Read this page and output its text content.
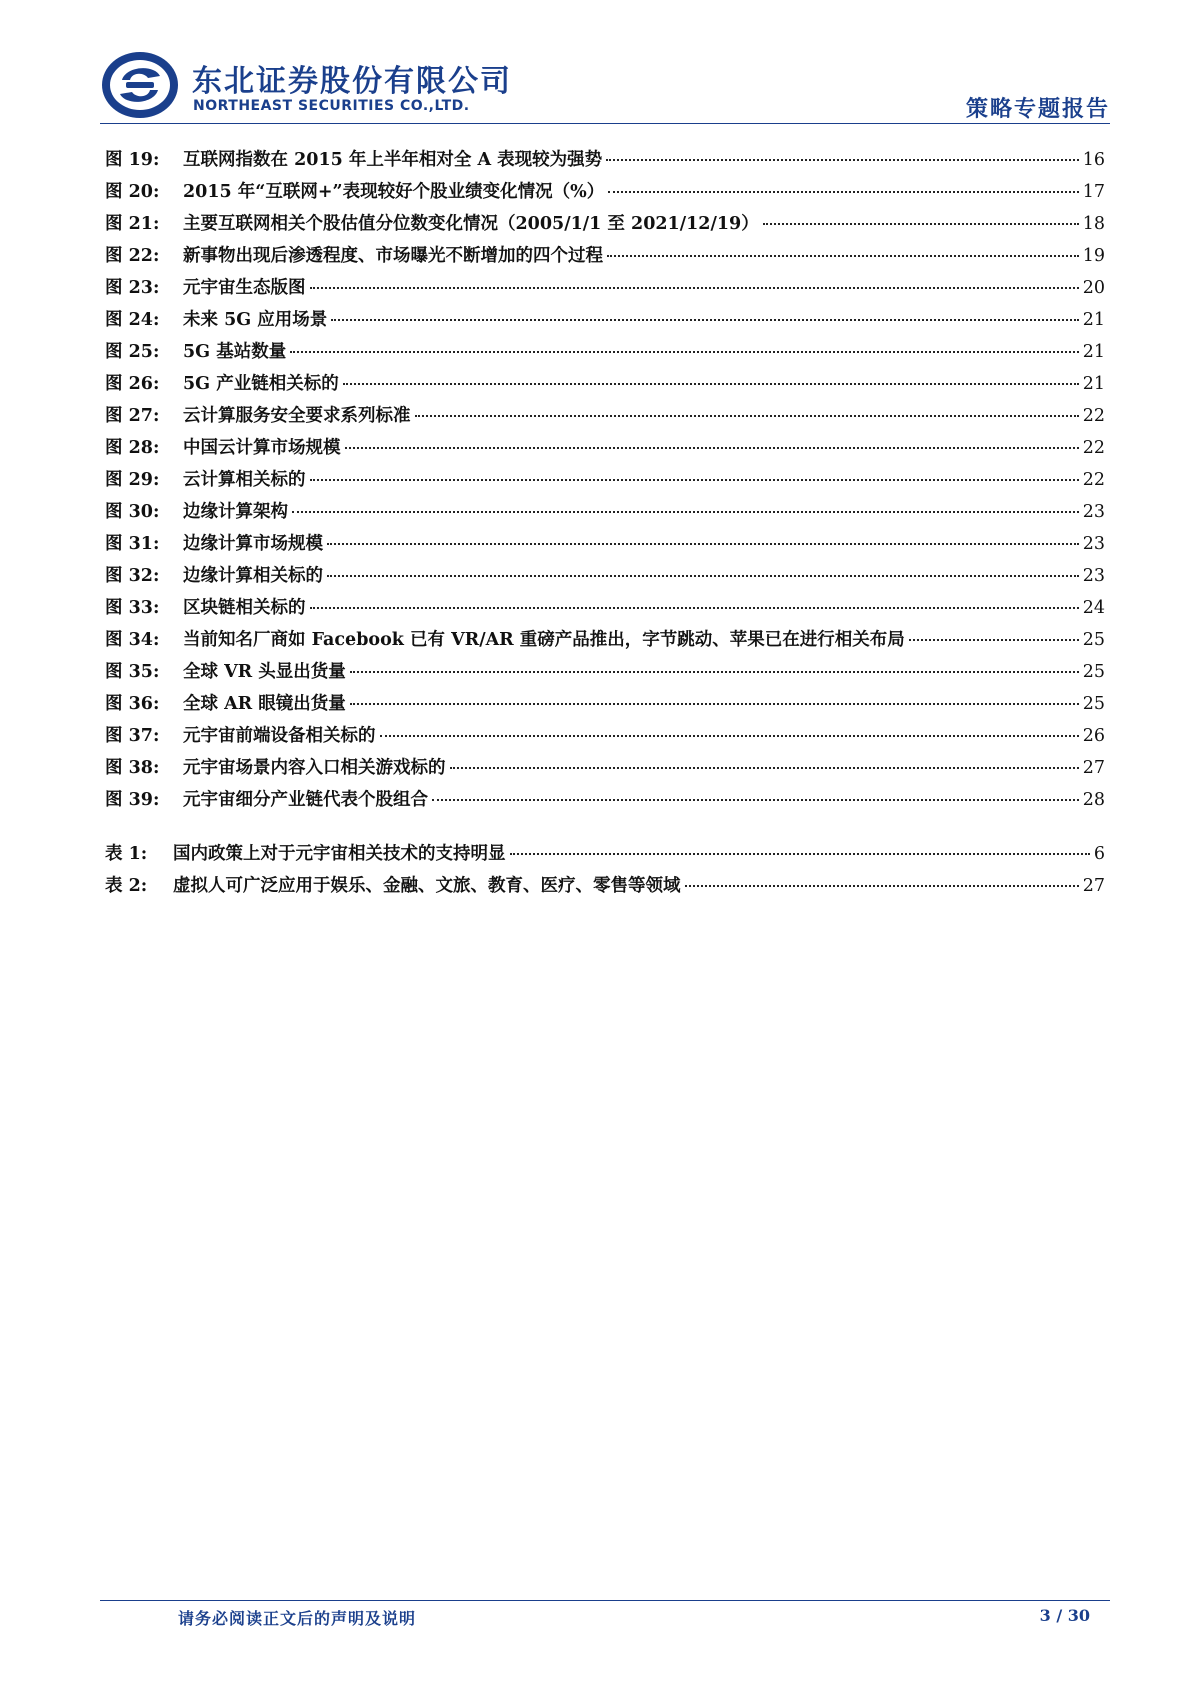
东北证券股份有限公司
NORTHEAST SECURITIES CO.,LTD.	策略专题报告
图 19:	互联网指数在 2015 年上半年相对全 A 表现较为强势	16
图 20:	2015 年“互联网+”表现较好个股业绩变化情况（%）	17
图 21:	主要互联网相关个股估值分位数变化情况（2005/1/1 至 2021/12/19）	18
图 22:	新事物出现后渗透程度、市场曝光不断增加的四个过程	19
图 23:	元宇宙生态版图	20
图 24:	未来 5G 应用场景	21
图 25:	5G 基站数量	21
图 26:	5G 产业链相关标的	21
图 27:	云计算服务安全要求系列标准	22
图 28:	中国云计算市场规模	22
图 29:	云计算相关标的	22
图 30:	边缘计算架构	23
图 31:	边缘计算市场规模	23
图 32:	边缘计算相关标的	23
图 33:	区块链相关标的	24
图 34:	当前知名厂商如 Facebook 已有 VR/AR 重磅产品推出，字节跳动、苹果已在进行相关布局	25
图 35:	全球 VR 头显出货量	25
图 36:	全球 AR 眼镜出货量	25
图 37:	元宇宙前端设备相关标的	26
图 38:	元宇宙场景内容入口相关游戏标的	27
图 39:	元宇宙细分产业链代表个股组合	28
表 1:	国内政策上对于元宇宙相关技术的支持明显	6
表 2:	虚拟人可广泛应用于娱乐、金融、文旅、教育、医疗、零售等领域	27
请务必阅读正文后的声明及说明	3 / 30
